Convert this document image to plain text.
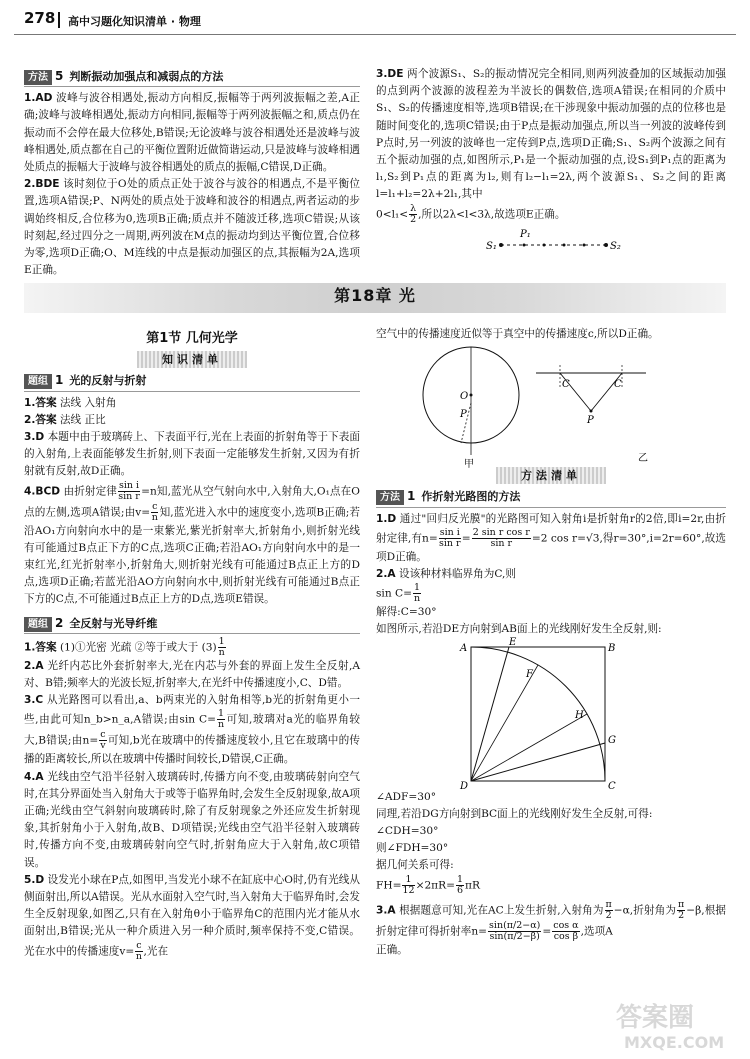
278 高中习题化知识清单 · 物理
方法 5 判断振动加强点和减弱点的方法

1.AD 波峰与波谷相遇处,振动方向相反,振幅等于两列波振幅之差,A正确;波峰与波峰相遇处,振动方向相同,振幅等于两列波振幅之和,质点仍在振动而不会停在最大位移处,B错误;无论波峰与波谷相遇处还是波峰与波峰相遇处,质点都在自己的平衡位置附近做简谐运动,只是波峰与波峰相遇处质点的振幅大于波峰与波谷相遇处的质点的振幅,C错误,D正确。

2.BDE 该时刻位于O处的质点正处于波谷与波谷的相遇点,不是平衡位置,选项A错误;P、N两处的质点处于波峰和波谷的相遇点,两者运动的步调始终相反,合位移为0,选项B正确;质点并不随波迁移,选项C错误;从该时刻起,经过四分之一周期,两列波在M点的振动均到达平衡位置,合位移为零,选项D正确;O、M连线的中点是振动加强区的点,其振幅为2A,选项E正确。

3.DE 两个波源S₁、S₂的振动情况完全相同,则两列波叠加的区域振动加强的点到两个波源的波程差为半波长的偶数倍,选项A错误;在相同的介质中S₁、S₂的传播速度相等,选项B错误;在干涉现象中振动加强的点的位移也是随时间变化的,选项C错误;由于P点是振动加强点,所以当一列波的波峰传到P点时,另一列波的波峰也一定传到P点,选项D正确;S₁、S₂两个波源之间有五个振动加强的点,如图所示,P₁是一个振动加强的点,设S₁到P₁点的距离为l₁,S₂到P₁点的距离为l₂,则有l₂−l₁=2λ,两个波源S₁、S₂之间的距离l=l₁+l₂=2λ+2l₁,其中

$0<l_1< \frac{\lambda}{2}$ ,所以2λ<l<3λ,故选项E正确。

S₁
P₁
S₂
第18章 光
第1节 几何光学
知识清单
题组 1 光的反射与折射

1.答案 法线 入射角

2.答案 法线 正比

3.D 本题中由于玻璃砖上、下表面平行,光在上表面的折射角等于下表面的入射角,上表面能够发生折射,则下表面一定能够发生折射,又因为有折射就有反射,故D正确。

4.BCD 由折射定律 $\frac{\text{sin i}}{\text{sin r}} =n$知,蓝光从空气射向水中,入射角大,O₁点在O点的左侧,选项A错误;由$v= \frac{c}{n}$ 知,蓝光进入水中的速度变小,选项B正确;若沿AO₁方向射向水中的是一束紫光,紫光折射率大,折射角小,则折射光线有可能通过B点正下方的C点,选项C正确;若沿AO₁方向射向水中的是一束红光,红光折射率小,折射角大,则折射光线有可能通过B点正上方的D点,选项D正确;若蓝光沿AO方向射向水中,则折射光线有可能通过B点正下方的C点,不可能通过B点正上方的D点,选项E错误。

题组 2 全反射与光导纤维

1.答案 (1)①光密 光疏 ②等于或大于 $(3) \frac{1}{n}$

2.A 光纤内芯比外套折射率大,光在内芯与外套的界面上发生全反射,A对、B错;频率大的光波长短,折射率大,在光纤中传播速度小,C、D错。

3.C 从光路图可以看出,a、b两束光的入射角相等,b光的折射角更小一些,由此可知n_b>n_a,A错误;由$\sin C= \frac{1}{n}$ 可知,玻璃对a光的临界角较大,B错误;由$n= \frac{c}{v}$ 可知,b光在玻璃中的传播速度较小,且它在玻璃中的传播的距离较长,所以在玻璃中传播时间较长,D错误,C正确。

4.A 光线由空气沿半径射入玻璃砖时,传播方向不变,由玻璃砖射向空气时,在其分界面处当入射角大于或等于临界角时,会发生全反射现象,故A项正确;光线由空气斜射向玻璃砖时,除了有反射现象之外还应发生折射现象,其折射角小于入射角,故B、D项错误;光线由空气沿半径射入玻璃砖时,传播方向不变,由玻璃砖射向空气时,折射角应大于入射角,故C项错误。

5.D 设发光小球在P点,如图甲,当发光小球不在缸底中心O时,仍有光线从侧面射出,所以A错误。光从水面射入空气时,当入射角大于临界角时,会发生全反射现象,如图乙,只有在入射角θ小于临界角C的范围内光才能从水面射出,B错误;光从一种介质进入另一种介质时,频率保持不变,C错误。光在水中的传播速度$v= \frac{c}{n}$ ,光在

空气中的传播速度近似等于真空中的传播速度c,所以D正确。

O
P
甲
C
P
C
乙
方法清单
方法 1 作折射光路图的方法

1.D 通过"回归反光膜"的光路图可知入射角i是折射角r的2倍,即i=2r,由折射定律,有$n= \frac{\text{sin i}}{\text{sin r}} = \frac{\text{2 sin r cos r}}{\text{sin r}} =2$ cos r=√3,得r=30°,i=2r=60°,故选项D正确。

2.A 设该种材料临界角为C,则

$\sin C= \frac{1}{n}$

解得:C=30°

如图所示,若沿DE方向射到AB面上的光线刚好发生全反射,则:

A
E
B
F
G
H
D	C

∠ADF=30°

同理,若沿DG方向射到BC面上的光线刚好发生全反射,可得:

∠CDH=30°

则∠FDH=30°

据几何关系可得:

$FH= \frac{1}{12} \times 2\pi R= \frac{1}{6}$ πR

3.A 根据题意可知,光在AC上发生折射,入射角为 $\frac{\pi}{2} -\alpha$,折射角为 $\frac{\pi}{2} -\beta$,根据折射定律可得折射率$n= \frac{\sin(\pi/2-\alpha)}{\sin(\pi/2-\beta)} = \frac{\text{cos α}}{\text{cos β}}$ ,选项A

正确。

答案圈
MXQE.COM
